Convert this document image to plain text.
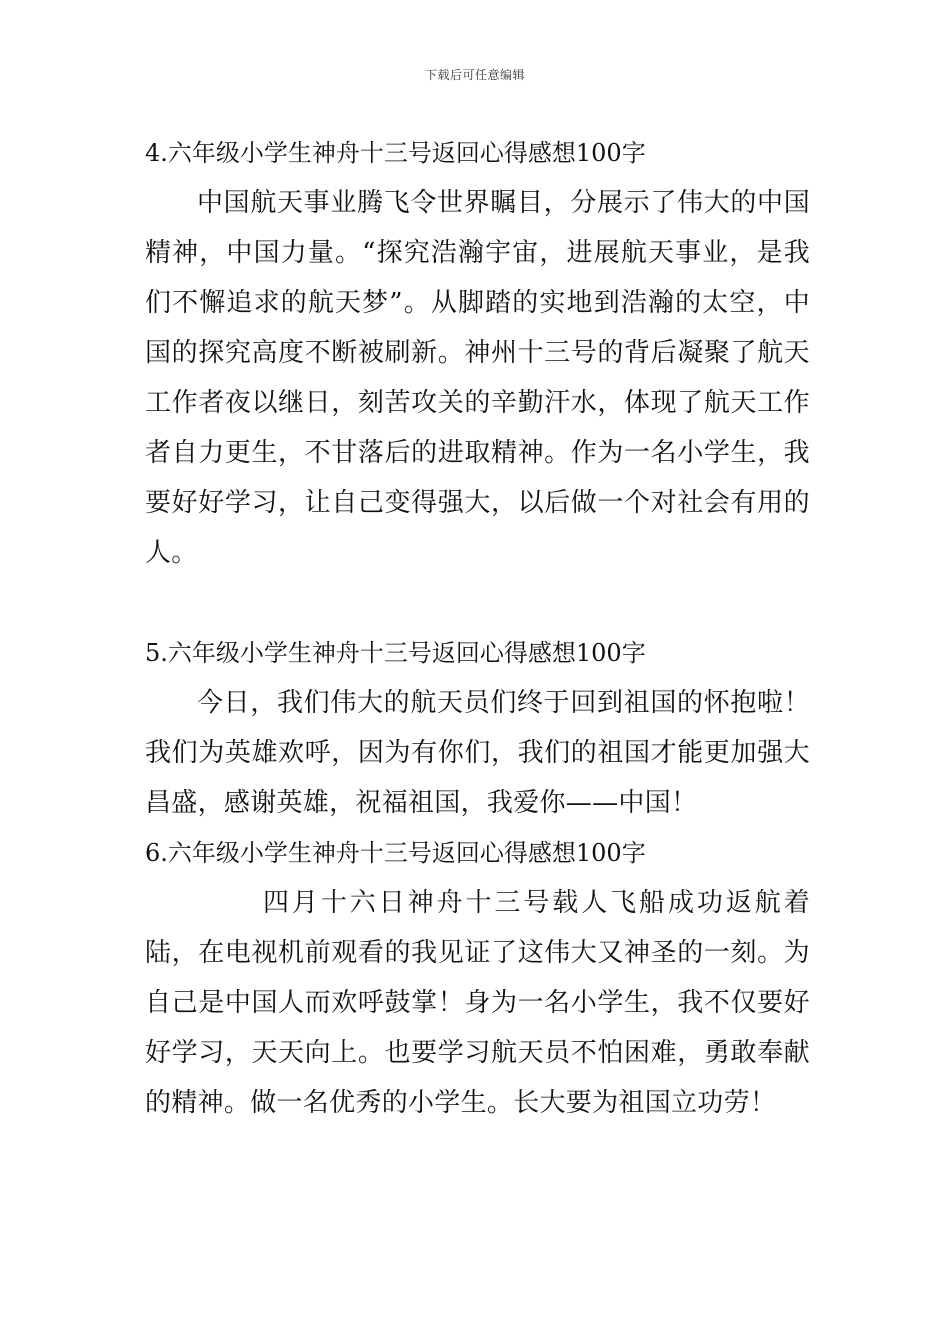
下载后可任意编辑
4.六年级小学生神舟十三号返回心得感想100字

中国航天事业腾飞令世界瞩目，分展示了伟大的中国精神，中国力量。“探究浩瀚宇宙，进展航天事业，是我们不懈追求的航天梦”。从脚踏的实地到浩瀚的太空，中国的探究高度不断被刷新。神州十三号的背后凝聚了航天工作者夜以继日，刻苦攻关的辛勤汗水，体现了航天工作者自力更生，不甘落后的进取精神。作为一名小学生，我要好好学习，让自己变得强大，以后做一个对社会有用的人。

5.六年级小学生神舟十三号返回心得感想100字

今日，我们伟大的航天员们终于回到祖国的怀抱啦！我们为英雄欢呼，因为有你们，我们的祖国才能更加强大昌盛，感谢英雄，祝福祖国，我爱你——中国！

6.六年级小学生神舟十三号返回心得感想100字

四月十六日神舟十三号载人飞船成功返航着陆，在电视机前观看的我见证了这伟大又神圣的一刻。为自己是中国人而欢呼鼓掌！身为一名小学生，我不仅要好好学习，天天向上。也要学习航天员不怕困难，勇敢奉献的精神。做一名优秀的小学生。长大要为祖国立功劳！
